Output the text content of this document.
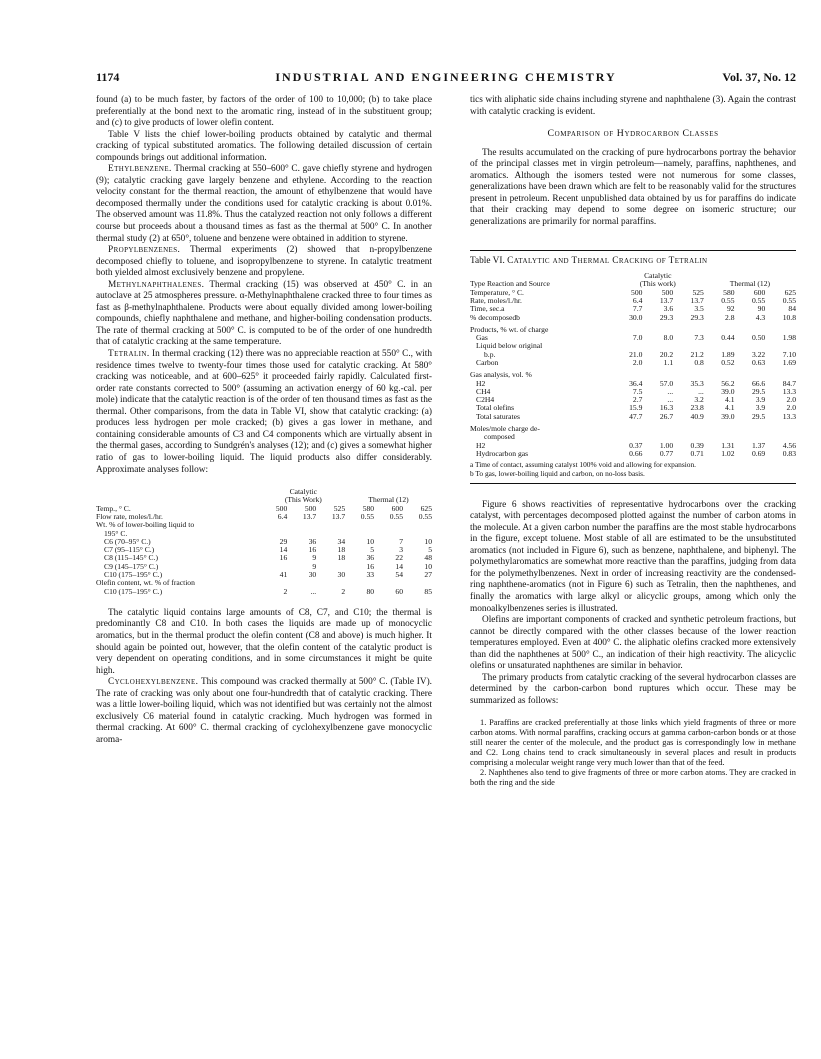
1174	INDUSTRIAL AND ENGINEERING CHEMISTRY	Vol. 37, No. 12

found (a) to be much faster, by factors of the order of 100 to 10,000; (b) to take place preferentially at the bond next to the aromatic ring, instead of in the substituent group; and (c) to give products of lower olefin content.

Table V lists the chief lower-boiling products obtained by catalytic and thermal cracking of typical substituted aromatics. The following detailed discussion of certain compounds brings out additional information.

Ethylbenzene. Thermal cracking at 550–600° C. gave chiefly styrene and hydrogen (9); catalytic cracking gave largely benzene and ethylene. According to the reaction velocity constant for the thermal reaction, the amount of ethylbenzene that would have decomposed thermally under the conditions used for catalytic cracking is about 0.01%. The observed amount was 11.8%. Thus the catalyzed reaction not only follows a different course but proceeds about a thousand times as fast as the thermal at 500° C. In another thermal study (2) at 650°, toluene and benzene were obtained in addition to styrene.

Propylbenzenes. Thermal experiments (2) showed that n-propylbenzene decomposed chiefly to toluene, and isopropylbenzene to styrene. In catalytic treatment both yielded almost exclusively benzene and propylene.

Methylnaphthalenes. Thermal cracking (15) was observed at 450° C. in an autoclave at 25 atmospheres pressure. α-Methylnaphthalene cracked three to four times as fast as β-methylnaphthalene. Products were about equally divided among lower-boiling compounds, chiefly naphthalene and methane, and higher-boiling condensation products. The rate of thermal cracking at 500° C. is computed to be of the order of one hundredth that of catalytic cracking at the same temperature.

Tetralin. In thermal cracking (12) there was no appreciable reaction at 550° C., with residence times twelve to twenty-four times those used for catalytic cracking. At 580° cracking was noticeable, and at 600–625° it proceeded fairly rapidly. Calculated first-order rate constants corrected to 500° (assuming an activation energy of 60 kg.-cal. per mole) indicate that the catalytic reaction is of the order of ten thousand times as fast as the thermal. Other comparisons, from the data in Table VI, show that catalytic cracking: (a) produces less hydrogen per mole cracked; (b) gives a gas lower in methane, and containing considerable amounts of C3 and C4 components which are virtually absent in the thermal gases, according to Sundgrén's analyses (12); and (c) gives a somewhat higher ratio of gas to lower-boiling liquid. The liquid products also differ considerably. Approximate analyses follow:

	Catalytic					
	(This Work)			Thermal (12)		
Temp., ° C.	500	500	525	580	600	625
Flow rate, moles/l./hr.	6.4	13.7	13.7	0.55	0.55	0.55
Wt. % of lower-boiling liquid to						
195° C.						
C6 (70–95° C.)	29	36	34	10	7	10
C7 (95–115° C.)	14	16	18	5	3	5
C8 (115–145° C.)	16	9	18	36	22	48
C9 (145–175° C.)		9		16	14	10
C10 (175–195° C.)	41	30	30	33	54	27
Olefin content, wt. % of fraction						
C10 (175–195° C.)	2	...	2	80	60	85

The catalytic liquid contains large amounts of C8, C7, and C10; the thermal is predominantly C8 and C10. In both cases the liquids are made up of monocyclic aromatics, but in the thermal product the olefin content (C8 and above) is much higher. It should again be pointed out, however, that the olefin content of the catalytic product is very dependent on operating conditions, and in some circumstances it might be quite high.

Cyclohexylbenzene. This compound was cracked thermally at 500° C. (Table IV). The rate of cracking was only about one four-hundredth that of catalytic cracking. There was a little lower-boiling liquid, which was not identified but was certainly not the almost exclusively C6 material found in catalytic cracking. Much hydrogen was formed in thermal cracking. At 600° C. thermal cracking of cyclohexylbenzene gave monocyclic aroma-

tics with aliphatic side chains including styrene and naphthalene (3). Again the contrast with catalytic cracking is evident.

Comparison of Hydrocarbon Classes

The results accumulated on the cracking of pure hydrocarbons portray the behavior of the principal classes met in virgin petroleum—namely, paraffins, naphthenes, and aromatics. Although the isomers tested were not numerous for some classes, generalizations have been drawn which are felt to be reasonably valid for the structures present in petroleum. Recent unpublished data obtained by us for paraffins do indicate that their cracking may depend to some degree on isomeric structure; our generalizations are primarily for normal paraffins.

Table VI. Catalytic and Thermal Cracking of Tetralin
	Catalytic					
Type Reaction and Source	(This work)			Thermal (12)		
Temperature, ° C.	500	500	525	580	600	625
Rate, moles/l./hr.	6.4	13.7	13.7	0.55	0.55	0.55
Time, sec.a	7.7	3.6	3.5	92	90	84
% decomposedb	30.0	29.3	29.3	2.8	4.3	10.8
Products, % wt. of charge						
Gas	7.0	8.0	7.3	0.44	0.50	1.98
Liquid below original						
b.p.	21.0	20.2	21.2	1.89	3.22	7.10
Carbon	2.0	1.1	0.8	0.52	0.63	1.69
Gas analysis, vol. %						
H2	36.4	57.0	35.3	56.2	66.6	84.7
CH4	7.5	...	...	39.0	29.5	13.3
C2H4	2.7	...	3.2	4.1	3.9	2.0
Total olefins	15.9	16.3	23.8	4.1	3.9	2.0
Total saturates	47.7	26.7	40.9	39.0	29.5	13.3
Moles/mole charge de-						
composed						
H2	0.37	1.00	0.39	1.31	1.37	4.56
Hydrocarbon gas	0.66	0.77	0.71	1.02	0.69	0.83
a Time of contact, assuming catalyst 100% void and allowing for expansion.
b To gas, lower-boiling liquid and carbon, on no-loss basis.

Figure 6 shows reactivities of representative hydrocarbons over the cracking catalyst, with percentages decomposed plotted against the number of carbon atoms in the molecule. At a given carbon number the paraffins are the most stable hydrocarbons in the figure, except toluene. Most stable of all are estimated to be the unsubstituted aromatics (not included in Figure 6), such as benzene, naphthalene, and biphenyl. The polymethylaromatics are somewhat more reactive than the paraffins, judging from data for the polymethylbenzenes. Next in order of increasing reactivity are the condensed-ring naphthene-aromatics (not in Figure 6) such as Tetralin, then the naphthenes, and finally the aromatics with large alkyl or alicyclic groups, among which only the monoalkylbenzenes series is illustrated.

Olefins are important components of cracked and synthetic petroleum fractions, but cannot be directly compared with the other classes because of the lower reaction temperatures employed. Even at 400° C. the aliphatic olefins cracked more extensively than did the naphthenes at 500° C., an indication of their high reactivity. The alicyclic olefins or unsaturated naphthenes are similar in behavior.

The primary products from catalytic cracking of the several hydrocarbon classes are determined by the carbon-carbon bond ruptures which occur. These may be summarized as follows:

1. Paraffins are cracked preferentially at those links which yield fragments of three or more carbon atoms. With normal paraffins, cracking occurs at gamma carbon-carbon bonds or at those still nearer the center of the molecule, and the product gas is correspondingly low in methane and C2. Long chains tend to crack simultaneously in several places and result in products comprising a molecular weight range very much lower than that of the feed.

2. Naphthenes also tend to give fragments of three or more carbon atoms. They are cracked in both the ring and the side
